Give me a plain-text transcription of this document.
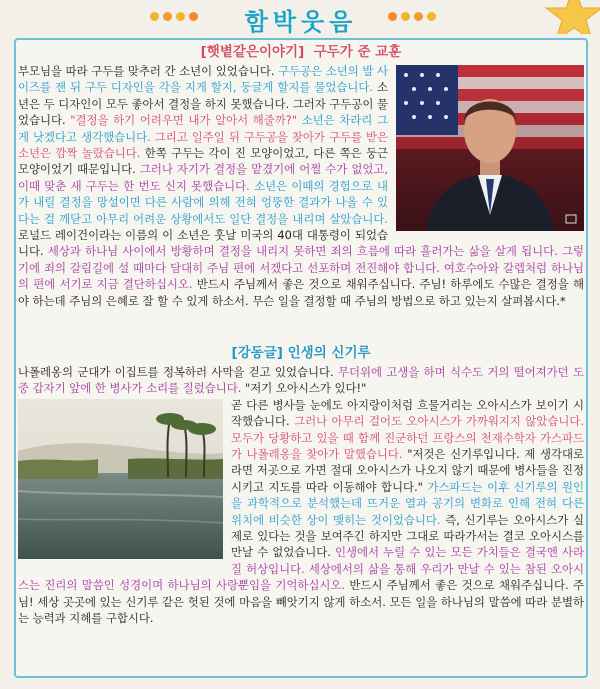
함박웃음
[햇볕같은이야기] 구두가 준 교훈

부모님을 따라 구두를 맞추러 간 소년이 있었습니다. 구두공은 소년의 발 사이즈를 잰 뒤 구두 디자인을 각을 지게 할지, 둥글게 할지를 물었습니다. 소년은 두 디자인이 모두 좋아서 결정을 하지 못했습니다. 그러자 구두공이 물었습니다. "결정을 하기 어려우면 내가 알아서 해줄까?" 소년은 차라리 그게 낫겠다고 생각했습니다. 그리고 일주일 뒤 구두공을 찾아가 구두를 받은 소년은 깜짝 놀랐습니다. 한쪽 구두는 각이 진 모양이었고, 다른 쪽은 둥근 모양이었기 때문입니다. 그러나 자기가 결정을 맡겼기에 어쩔 수가 없었고, 이때 맞춘 새 구두는 한 번도 신지 못했습니다. 소년은 이때의 경험으로 내가 내릴 결정을 망설이면 다른 사람에 의해 전혀 엉뚱한 결과가 나올 수 있다는 걸 깨닫고 아무리 어려운 상황에서도 일단 결정을 내리며 살았습니다. 로널드 레이건이라는 이름의 이 소년은 훗날 미국의 40대 대통령이 되었습니다. 세상과 하나님 사이에서 방황하며 결정을 내리지 못하면 죄의 흐름에 따라 흘러가는 삶을 살게 됩니다. 그렇기에 죄의 갈림길에 설 때마다 담대히 주님 편에 서겠다고 선포하며 전진해야 합니다. 여호수아와 갈렙처럼 하나님의 편에 서기로 지금 결단하십시오. 반드시 주님께서 좋은 것으로 채워주십니다. 주님! 하루에도 수많은 결정을 해야 하는데 주님의 은혜로 잘 할 수 있게 하소서. 무슨 일을 결정할 때 주님의 방법으로 하고 있는지 살펴봅시다.*

[강동글] 인생의 신기루

나폴레옹의 군대가 이집트를 정복하러 사막을 걷고 있었습니다. 무더위에 고생을 하며 식수도 거의 떨어져가던 도중 갑자기 앞에 한 병사가 소리를 질렀습니다. "저기 오아시스가 있다!"

곧 다른 병사들 눈에도 아지랑이처럼 흐물거리는 오아시스가 보이기 시작했습니다. 그러나 아무리 걸어도 오아시스가 가까워지지 않았습니다. 모두가 당황하고 있을 때 함께 진군하던 프랑스의 천재수학자 가스파드가 나폴레옹을 찾아가 말했습니다. "저것은 신기루입니다. 제 생각대로라면 저곳으로 가면 절대 오아시스가 나오지 않기 때문에 병사들을 진정시키고 지도를 따라 이동해야 합니다." 가스파드는 이후 신기루의 원인을 과학적으로 분석했는데 뜨거운 열과 공기의 변화로 인해 전혀 다른 위치에 비슷한 상이 맺히는 것이었습니다. 즉, 신기루는 오아시스가 실제로 있다는 것을 보여주긴 하지만 그대로 따라가서는 결코 오아시스를 만날 수 없었습니다. 인생에서 누릴 수 있는 모든 가치들은 결국엔 사라질 허상입니다. 세상에서의 삶을 통해 우리가 만날 수 있는 참된 오아시스는 진리의 말씀인 성경이며 하나님의 사랑뿐임을 기억하십시오. 반드시 주님께서 좋은 것으로 채워주십니다. 주님! 세상 곳곳에 있는 신기루 같은 헛된 것에 마음을 빼앗기지 않게 하소서. 모든 일을 하나님의 말씀에 따라 분별하는 능력과 지혜를 구합시다.
